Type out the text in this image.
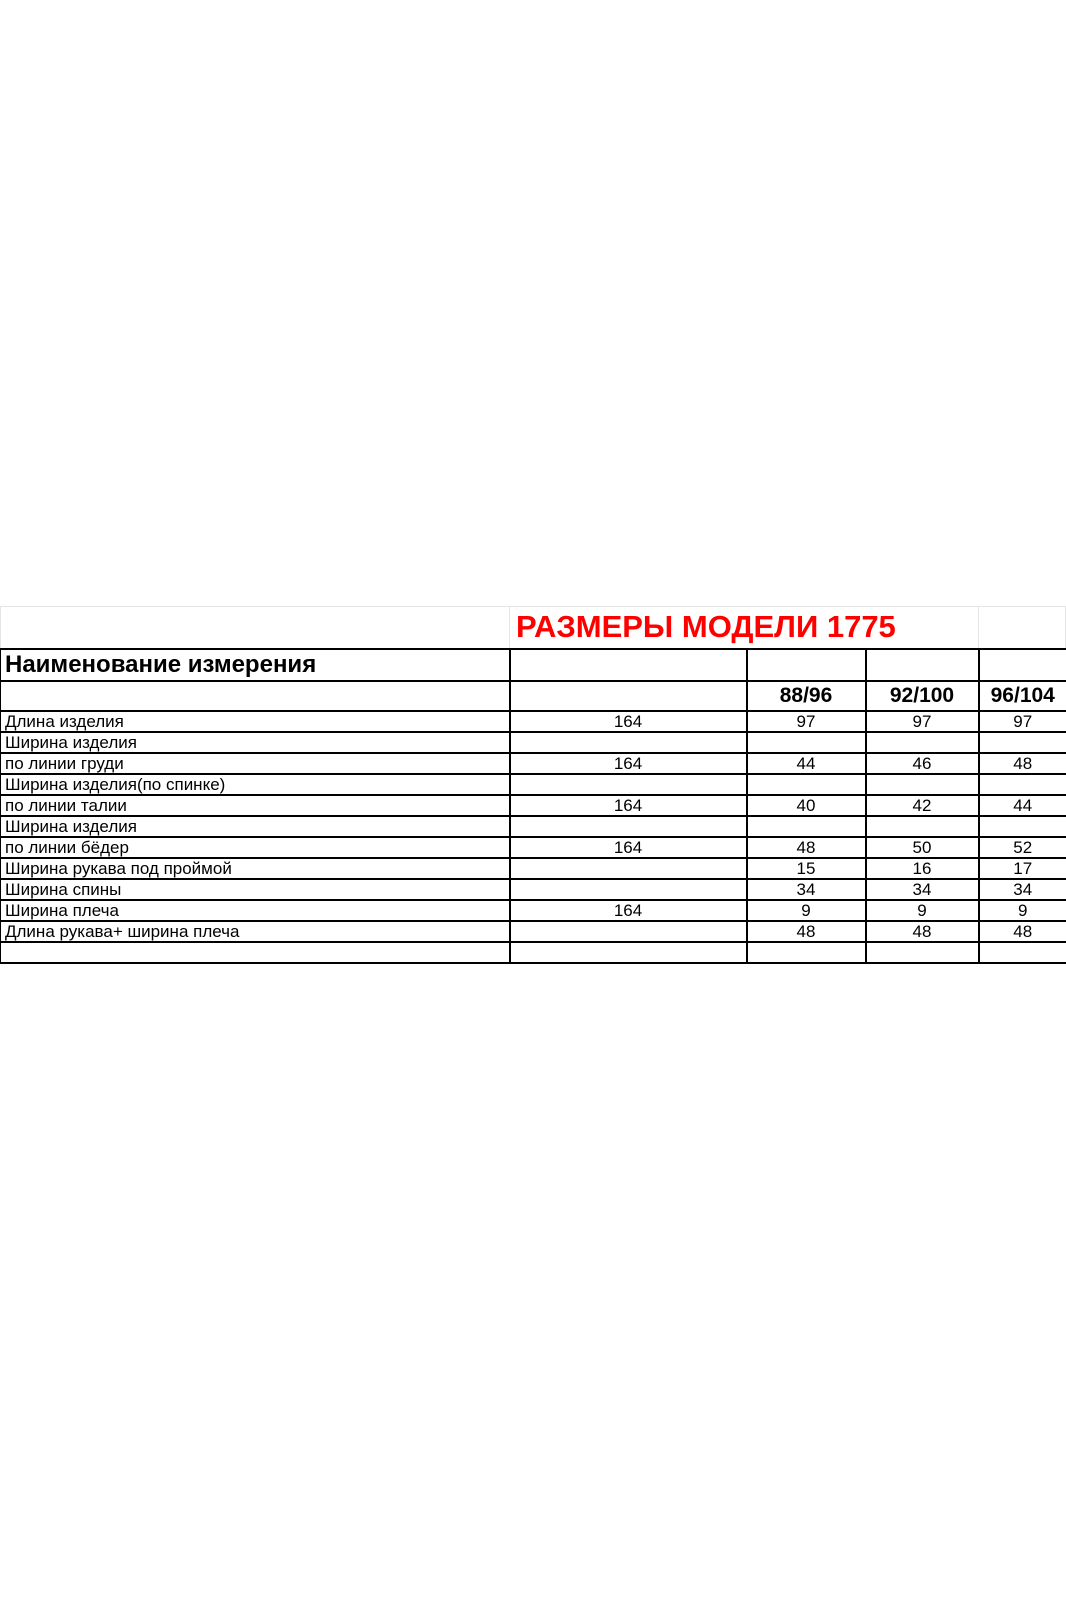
РАЗМЕРЫ МОДЕЛИ 1775
Наименование измерения				
		88/96	92/100	96/104
Длина изделия	164	97	97	97
Ширина изделия				
по линии груди	164	44	46	48
Ширина изделия(по спинке)				
по линии талии	164	40	42	44
Ширина изделия				
по линии бёдер	164	48	50	52
Ширина рукава под проймой		15	16	17
Ширина спины		34	34	34
Ширина плеча	164	9	9	9
Длина рукава+ ширина плеча		48	48	48
